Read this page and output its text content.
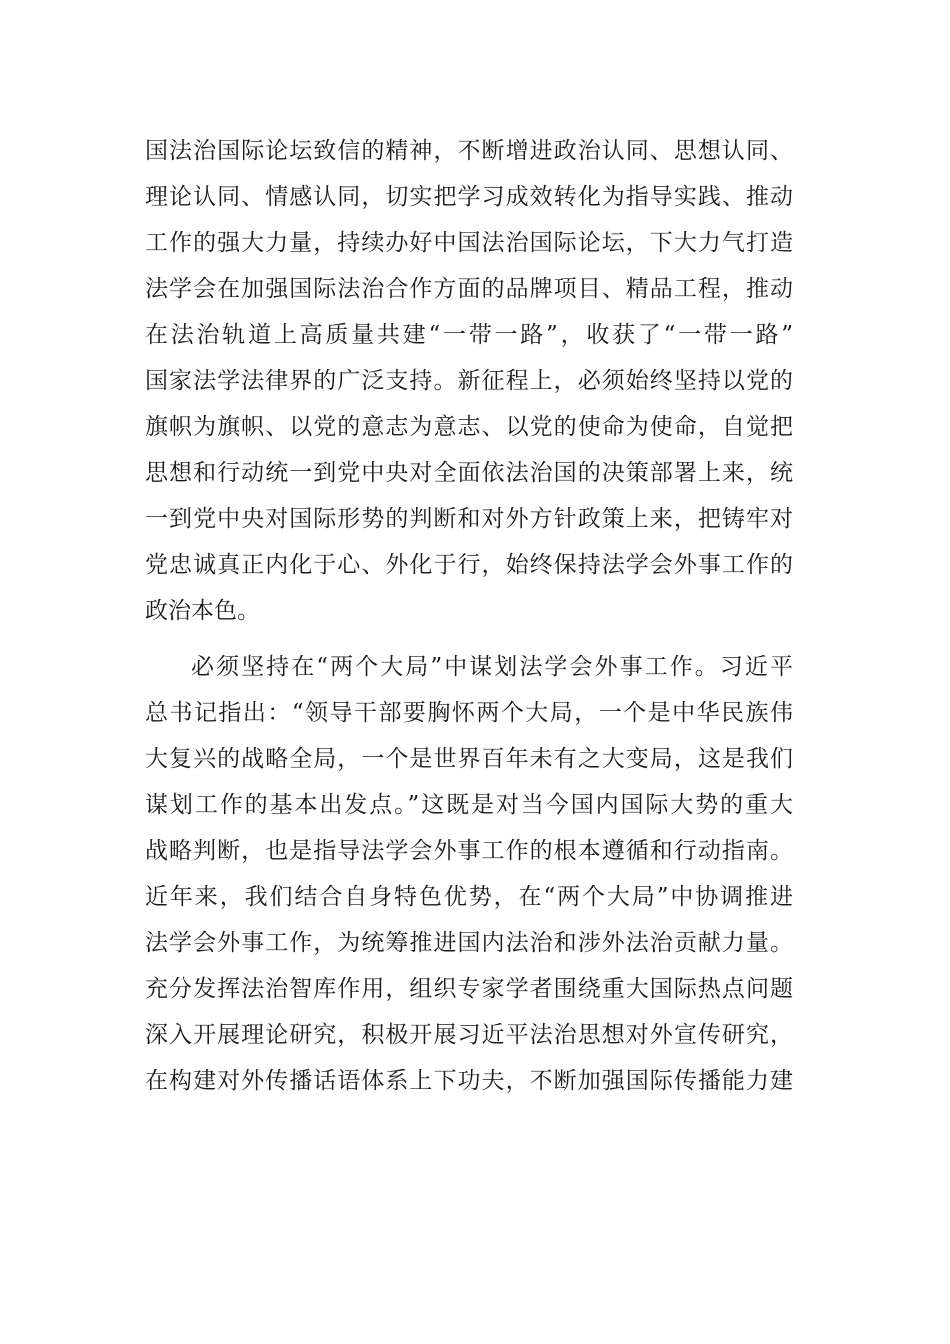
国法治国际论坛致信的精神，不断增进政治认同、思想认同、
理论认同、情感认同，切实把学习成效转化为指导实践、推动
工作的强大力量，持续办好中国法治国际论坛，下大力气打造
法学会在加强国际法治合作方面的品牌项目、精品工程，推动
在法治轨道上高质量共建“一带一路”，收获了“一带一路”
国家法学法律界的广泛支持。新征程上，必须始终坚持以党的
旗帜为旗帜、以党的意志为意志、以党的使命为使命，自觉把
思想和行动统一到党中央对全面依法治国的决策部署上来，统
一到党中央对国际形势的判断和对外方针政策上来，把铸牢对
党忠诚真正内化于心、外化于行，始终保持法学会外事工作的
政治本色。
必须坚持在“两个大局”中谋划法学会外事工作。习近平
总书记指出：“领导干部要胸怀两个大局，一个是中华民族伟
大复兴的战略全局，一个是世界百年未有之大变局，这是我们
谋划工作的基本出发点。”这既是对当今国内国际大势的重大
战略判断，也是指导法学会外事工作的根本遵循和行动指南。
近年来，我们结合自身特色优势，在“两个大局”中协调推进
法学会外事工作，为统筹推进国内法治和涉外法治贡献力量。
充分发挥法治智库作用，组织专家学者围绕重大国际热点问题
深入开展理论研究，积极开展习近平法治思想对外宣传研究，
在构建对外传播话语体系上下功夫，不断加强国际传播能力建
